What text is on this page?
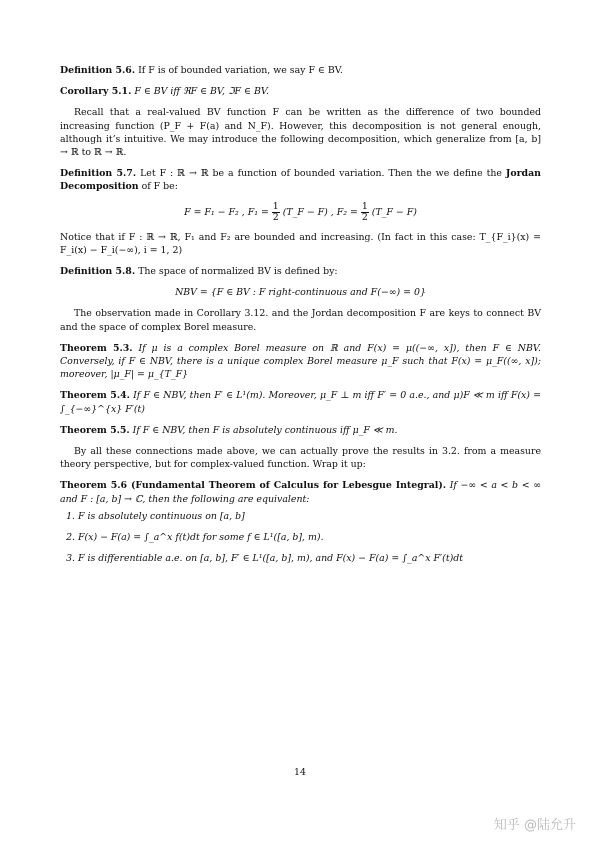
Definition 5.6. If F is of bounded variation, we say F ∈ BV.

Corollary 5.1. F ∈ BV iff ℜF ∈ BV, ℑF ∈ BV.

Recall that a real-valued BV function F can be written as the difference of two bounded increasing function (P_F + F(a) and N_F). However, this decomposition is not general enough, although it’s intuitive. We may introduce the following decomposition, which generalize from [a, b] → ℝ to ℝ → ℝ.

Definition 5.7. Let F : ℝ → ℝ be a function of bounded variation. Then the we define the Jordan Decomposition of F be:

F = F₁ − F₂ , $F_1 = \frac{1}{2}$ (T_F − F) , $F_2 = \frac{1}{2}$ (T_F − F)

Notice that if F : ℝ → ℝ, F₁ and F₂ are bounded and increasing. (In fact in this case: T_{F_i}(x) = F_i(x) − F_i(−∞), i = 1, 2)

Definition 5.8. The space of normalized BV is defined by:

NBV = {F ∈ BV : F right-continuous and F(−∞) = 0}

The observation made in Corollary 3.12. and the Jordan decomposition F are keys to connect BV and the space of complex Borel measure.

Theorem 5.3. If μ is a complex Borel measure on ℝ and F(x) = μ((−∞, x]), then F ∈ NBV. Conversely, if F ∈ NBV, there is a unique complex Borel measure μ_F such that F(x) = μ_F((∞, x]); moreover, |μ_F| = μ_{T_F}

Theorem 5.4. If F ∈ NBV, then F′ ∈ L¹(m). Moreover, μ_F ⊥ m iff F′ = 0 a.e., and μ)F ≪ m iff F(x) = ∫_{−∞}^{x} F′(t)

Theorem 5.5. If F ∈ NBV, then F is absolutely continuous iff μ_F ≪ m.

By all these connections made above, we can actually prove the results in 3.2. from a measure theory perspective, but for complex-valued function. Wrap it up:

Theorem 5.6 (Fundamental Theorem of Calculus for Lebesgue Integral). If −∞ < a < b < ∞ and F : [a, b] → ℂ, then the following are equivalent:

1. F is absolutely continuous on [a, b]
2. F(x) − F(a) = ∫_a^x f(t)dt for some f ∈ L¹([a, b], m).
3. F is differentiable a.e. on [a, b], F′ ∈ L¹([a, b], m), and F(x) − F(a) = ∫_a^x F′(t)dt
14
知乎 @陆允升
